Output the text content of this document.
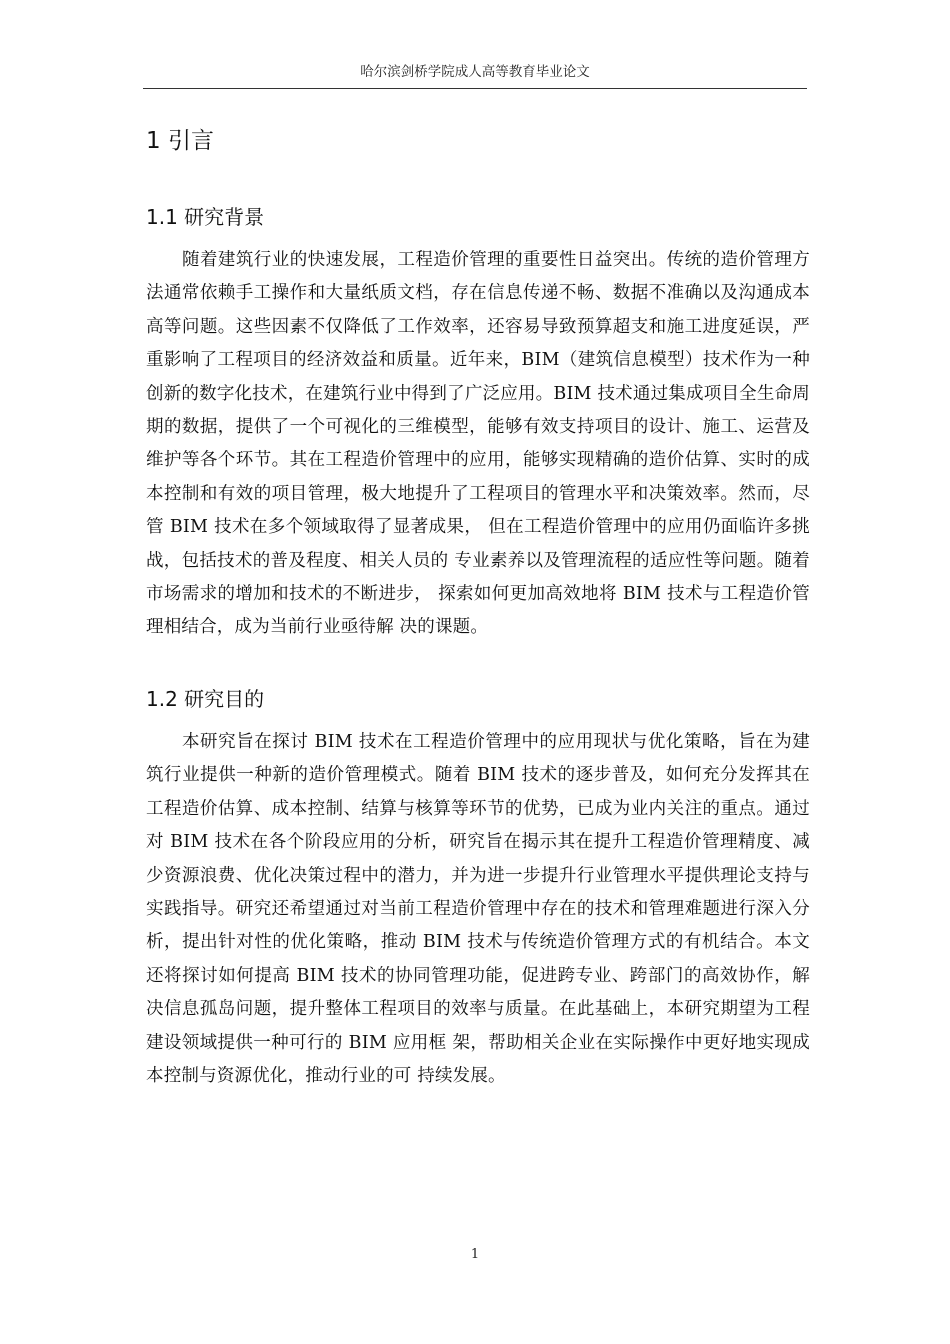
哈尔滨剑桥学院成人高等教育毕业论文
1 引言
1.1 研究背景

随着建筑行业的快速发展，工程造价管理的重要性日益突出。传统的造价管理方法通常依赖手工操作和大量纸质文档，存在信息传递不畅、数据不准确以及沟通成本高等问题。这些因素不仅降低了工作效率，还容易导致预算超支和施工进度延误，严重影响了工程项目的经济效益和质量。近年来，BIM（建筑信息模型）技术作为一种创新的数字化技术，在建筑行业中得到了广泛应用。BIM 技术通过集成项目全生命周期的数据，提供了一个可视化的三维模型，能够有效支持项目的设计、施工、运营及维护等各个环节。其在工程造价管理中的应用，能够实现精确的造价估算、实时的成本控制和有效的项目管理，极大地提升了工程项目的管理水平和决策效率。然而，尽管 BIM 技术在多个领域取得了显著成果， 但在工程造价管理中的应用仍面临许多挑战，包括技术的普及程度、相关人员的 专业素养以及管理流程的适应性等问题。随着市场需求的增加和技术的不断进步， 探索如何更加高效地将 BIM 技术与工程造价管理相结合，成为当前行业亟待解 决的课题。

1.2 研究目的

本研究旨在探讨 BIM 技术在工程造价管理中的应用现状与优化策略，旨在为建筑行业提供一种新的造价管理模式。随着 BIM 技术的逐步普及，如何充分发挥其在工程造价估算、成本控制、结算与核算等环节的优势，已成为业内关注的重点。通过对 BIM 技术在各个阶段应用的分析，研究旨在揭示其在提升工程造价管理精度、减少资源浪费、优化决策过程中的潜力，并为进一步提升行业管理水平提供理论支持与实践指导。研究还希望通过对当前工程造价管理中存在的技术和管理难题进行深入分析，提出针对性的优化策略，推动 BIM 技术与传统造价管理方式的有机结合。本文还将探讨如何提高 BIM 技术的协同管理功能，促进跨专业、跨部门的高效协作，解决信息孤岛问题，提升整体工程项目的效率与质量。在此基础上，本研究期望为工程建设领域提供一种可行的 BIM 应用框 架，帮助相关企业在实际操作中更好地实现成本控制与资源优化，推动行业的可 持续发展。

1
